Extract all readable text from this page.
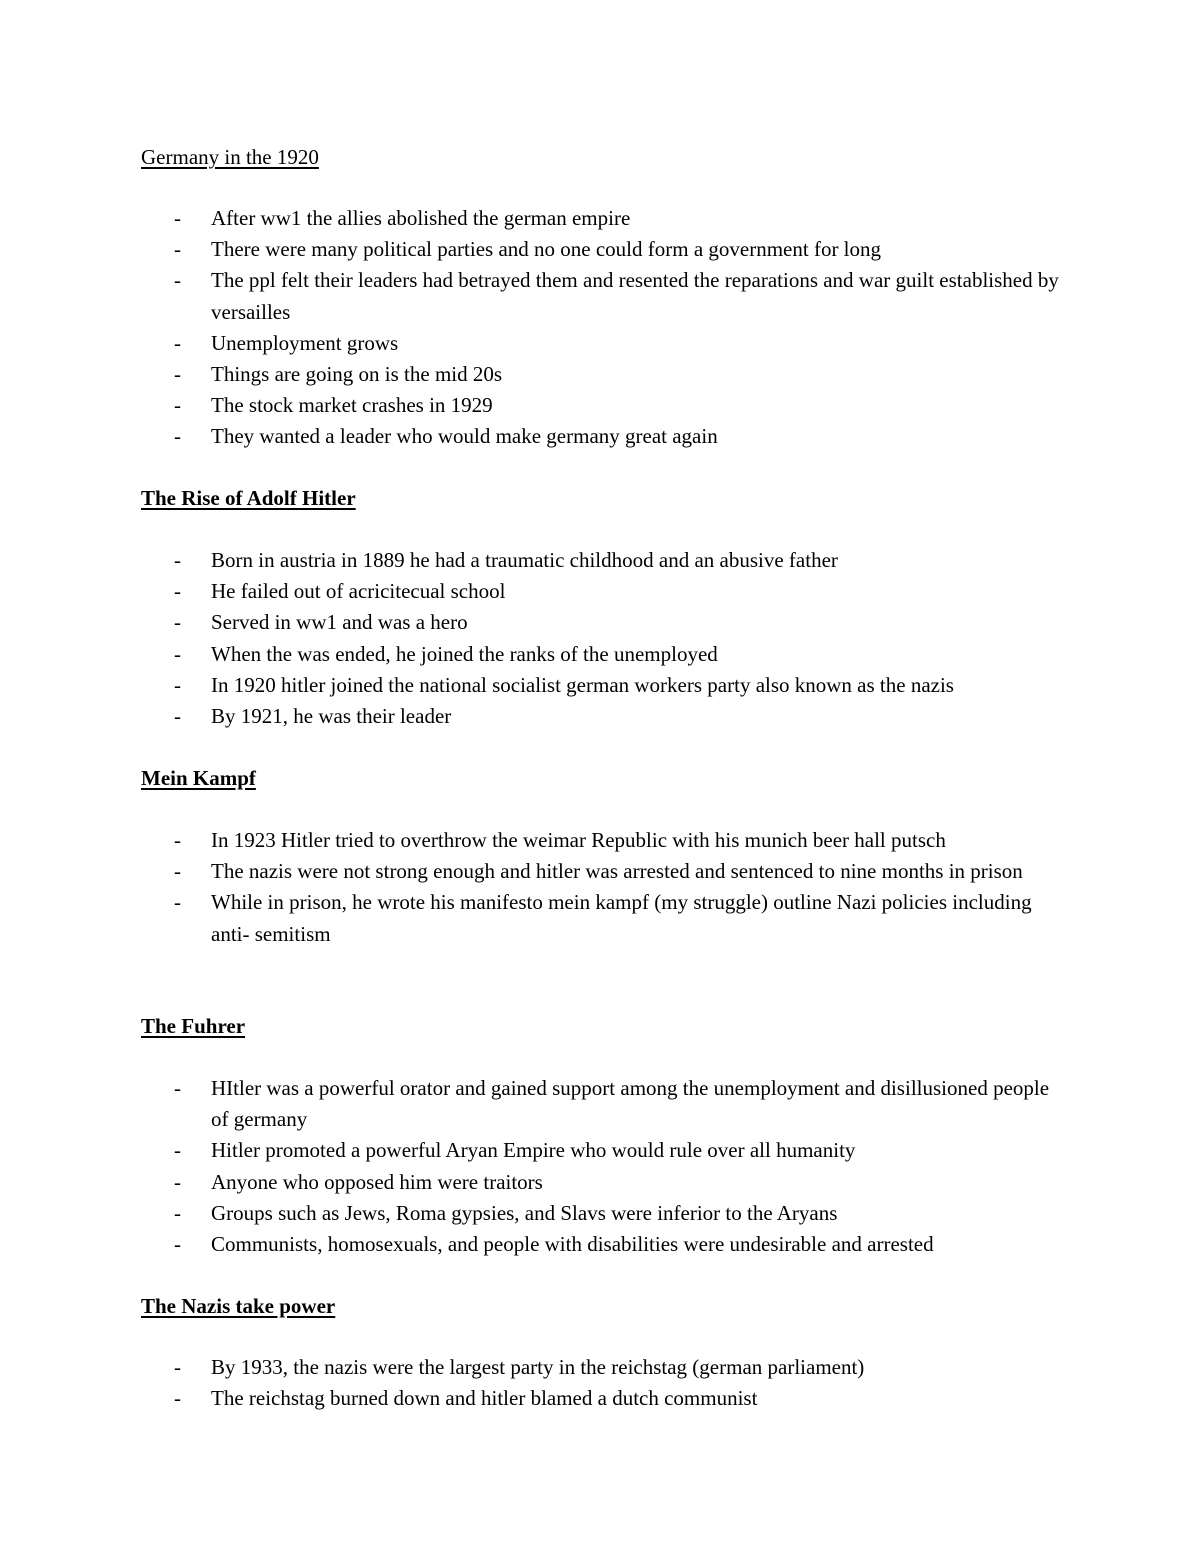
Germany in the 1920
- After ww1 the allies abolished the german empire
- There were many political parties and no one could form a government for long
- The ppl felt their leaders had betrayed them and resented the reparations and war guilt established by versailles
- Unemployment grows
- Things are going on is the mid 20s
- The stock market crashes in 1929
- They wanted a leader who would make germany great again
The Rise of Adolf Hitler
- Born in austria in 1889 he had a traumatic childhood and an abusive father
- He failed out of acricitecual school
- Served in ww1 and was a hero
- When the was ended, he joined the ranks of the unemployed
- In 1920 hitler joined the national socialist german workers party also known as the nazis
- By 1921, he was their leader
Mein Kampf
- In 1923 Hitler tried to overthrow the weimar Republic with his munich beer hall putsch
- The nazis were not strong enough and hitler was arrested and sentenced to nine months in prison
- While in prison, he wrote his manifesto mein kampf (my struggle) outline Nazi policies including anti- semitism
The Fuhrer
- HItler was a powerful orator and gained support among the unemployment and disillusioned people of germany
- Hitler promoted a powerful Aryan Empire who would rule over all humanity
- Anyone who opposed him were traitors
- Groups such as Jews, Roma gypsies, and Slavs were inferior to the Aryans
- Communists, homosexuals, and people with disabilities were undesirable and arrested
The Nazis take power
- By 1933, the nazis were the largest party in the reichstag (german parliament)
- The reichstag burned down and hitler blamed a dutch communist
